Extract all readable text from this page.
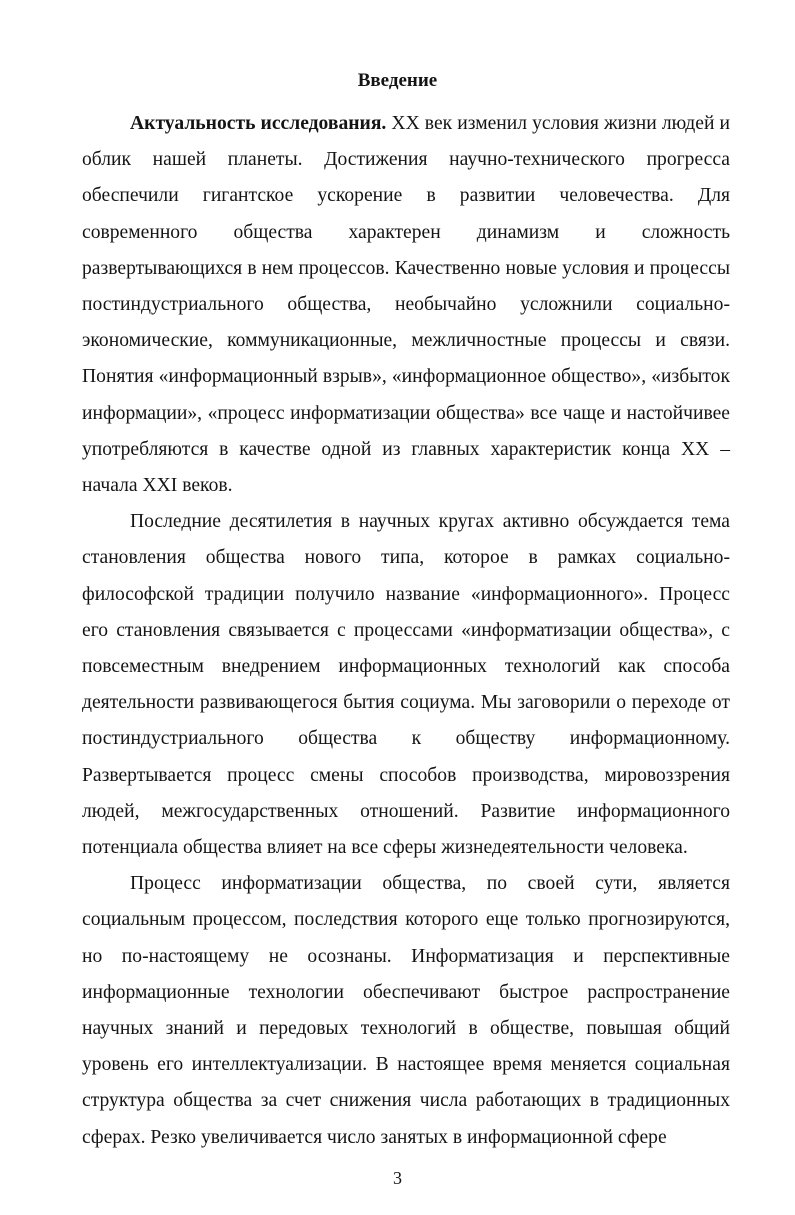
Введение

Актуальность исследования. XX век изменил условия жизни людей и облик нашей планеты. Достижения научно-технического прогресса обеспечили гигантское ускорение в развитии человечества. Для современного общества характерен динамизм и сложность развертывающихся в нем процессов. Качественно новые условия и процессы постиндустриального общества, необычайно усложнили социально-экономические, коммуникационные, межличностные процессы и связи. Понятия «информационный взрыв», «информационное общество», «избыток информации», «процесс информатизации общества» все чаще и настойчивее употребляются в качестве одной из главных характеристик конца XX – начала XXI веков.

Последние десятилетия в научных кругах активно обсуждается тема становления общества нового типа, которое в рамках социально-философской традиции получило название «информационного». Процесс его становления связывается с процессами «информатизации общества», с повсеместным внедрением информационных технологий как способа деятельности развивающегося бытия социума. Мы заговорили о переходе от постиндустриального общества к обществу информационному. Развертывается процесс смены способов производства, мировоззрения людей, межгосударственных отношений. Развитие информационного потенциала общества влияет на все сферы жизнедеятельности человека.

Процесс информатизации общества, по своей сути, является социальным процессом, последствия которого еще только прогнозируются, но по-настоящему не осознаны. Информатизация и перспективные информационные технологии обеспечивают быстрое распространение научных знаний и передовых технологий в обществе, повышая общий уровень его интеллектуализации. В настоящее время меняется социальная структура общества за счет снижения числа работающих в традиционных сферах. Резко увеличивается число занятых в информационной сфере

3
